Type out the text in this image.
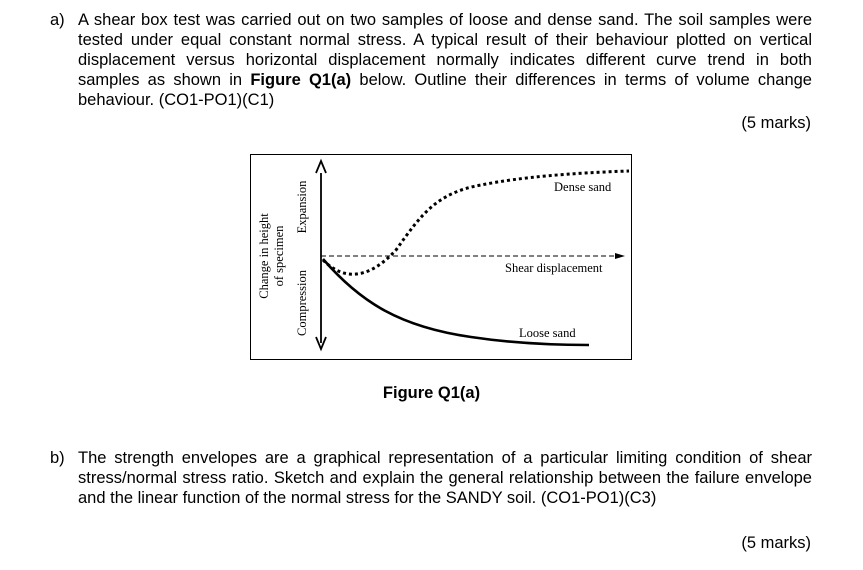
a) A shear box test was carried out on two samples of loose and dense sand. The soil samples were tested under equal constant normal stress. A typical result of their behaviour plotted on vertical displacement versus horizontal displacement normally indicates different curve trend in both samples as shown in Figure Q1(a) below. Outline their differences in terms of volume change behaviour. (CO1-PO1)(C1)
(5 marks)
Change in height of specimen
Expansion
Compression
Dense sand
Shear displacement
Loose sand
Figure Q1(a)
b) The strength envelopes are a graphical representation of a particular limiting condition of shear stress/normal stress ratio. Sketch and explain the general relationship between the failure envelope and the linear function of the normal stress for the SANDY soil. (CO1-PO1)(C3)
(5 marks)
